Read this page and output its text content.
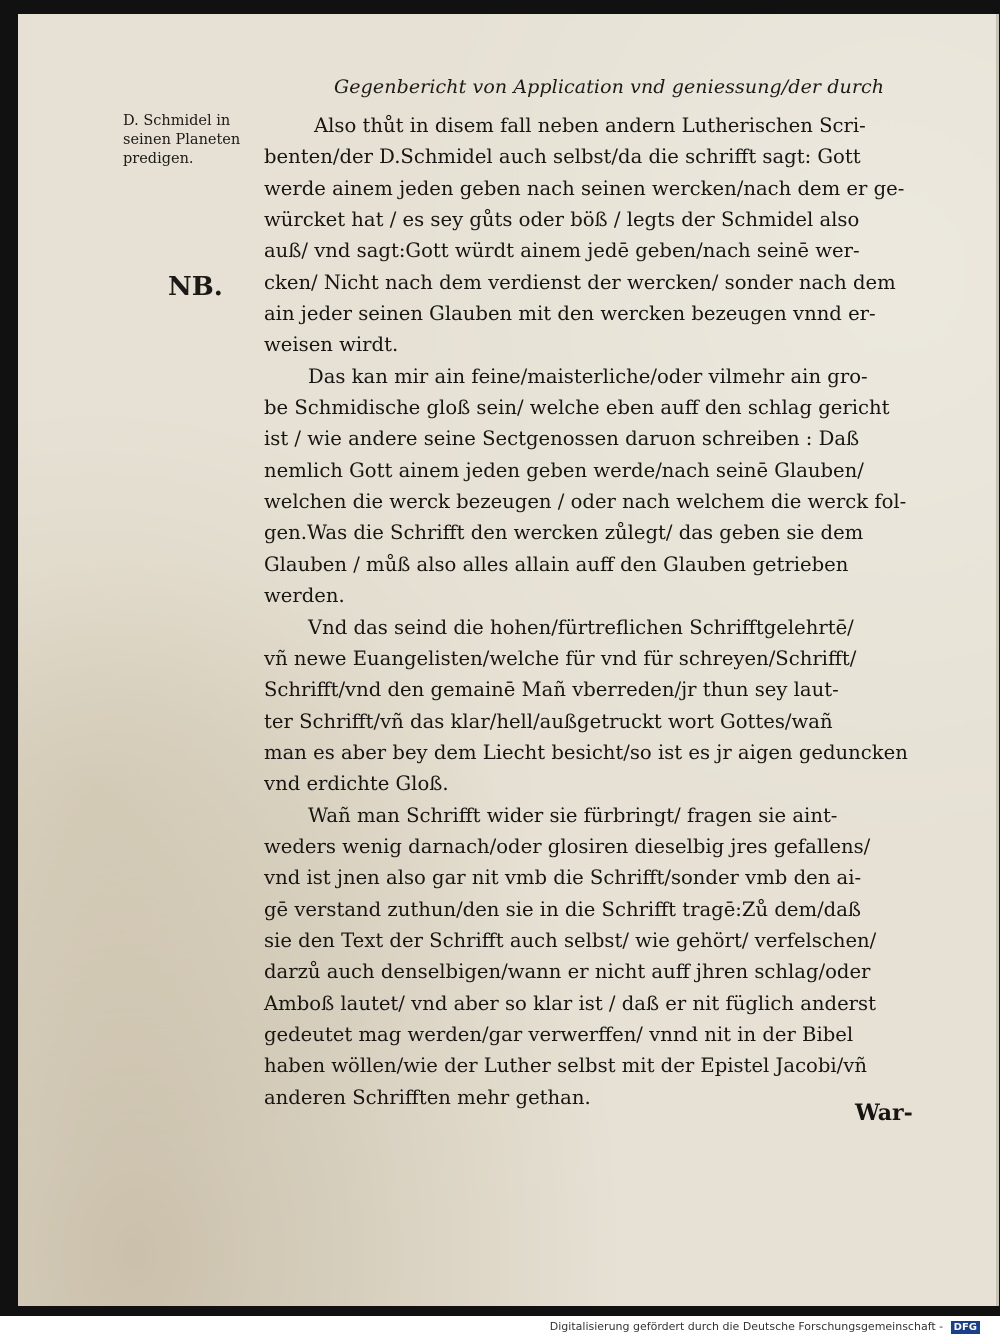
Gegenbericht von Application vnd geniessung/der durch
D. Schmidel in
seinen Planeten
predigen.
NB.
Also thůt in disem fall neben andern Lutherischen Scri-
benten/der D.Schmidel auch selbst/da die schrifft sagt: Gott
werde ainem jeden geben nach seinen wercken/nach dem er ge-
würcket hat / es sey gůts oder böß / legts der Schmidel also
auß/ vnd sagt:Gott würdt ainem jedē geben/nach seinē wer-
cken/ Nicht nach dem verdienst der wercken/ sonder nach dem
ain jeder seinen Glauben mit den wercken bezeugen vnnd er-
weisen wirdt.
Das kan mir ain feine/maisterliche/oder vilmehr ain gro-
be Schmidische gloß sein/ welche eben auff den schlag gericht
ist / wie andere seine Sectgenossen daruon schreiben : Daß
nemlich Gott ainem jeden geben werde/nach seinē Glauben/
welchen die werck bezeugen / oder nach welchem die werck fol-
gen.Was die Schrifft den wercken zůlegt/ das geben sie dem
Glauben / můß also alles allain auff den Glauben getrieben
werden.
Vnd das seind die hohen/fürtreflichen Schrifftgelehrtē/
vñ newe Euangelisten/welche für vnd für schreyen/Schrifft/
Schrifft/vnd den gemainē Mañ vberreden/jr thun sey laut-
ter Schrifft/vñ das klar/hell/außgetruckt wort Gottes/wañ
man es aber bey dem Liecht besicht/so ist es jr aigen geduncken
vnd erdichte Gloß.
Wañ man Schrifft wider sie fürbringt/ fragen sie aint-
weders wenig darnach/oder glosiren dieselbig jres gefallens/
vnd ist jnen also gar nit vmb die Schrifft/sonder vmb den ai-
gē verstand zuthun/den sie in die Schrifft tragē:Zů dem/daß
sie den Text der Schrifft auch selbst/ wie gehört/ verfelschen/
darzů auch denselbigen/wann er nicht auff jhren schlag/oder
Amboß lautet/ vnd aber so klar ist / daß er nit füglich anderst
gedeutet mag werden/gar verwerffen/ vnnd nit in der Bibel
haben wöllen/wie der Luther selbst mit der Epistel Jacobi/vñ
anderen Schrifften mehr gethan.
War-
Digitalisierung gefördert durch die Deutsche Forschungsgemeinschaft - DFG
